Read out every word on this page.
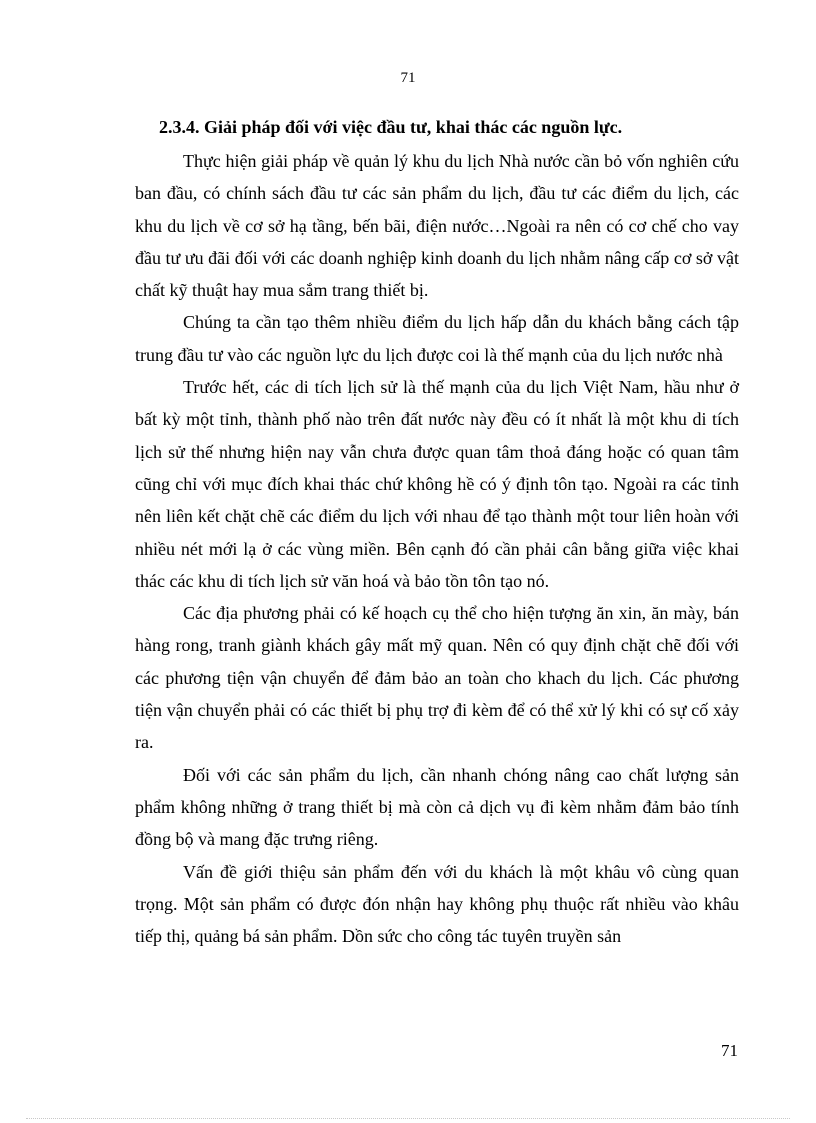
71
2.3.4. Giải pháp đối với việc đầu tư, khai thác các nguồn lực.

Thực hiện giải pháp về quản lý khu du lịch Nhà nước cần bỏ vốn nghiên cứu ban đầu, có chính sách đầu tư các sản phẩm du lịch, đầu tư các điểm du lịch, các khu du lịch về cơ sở hạ tầng, bến bãi, điện nước…Ngoài ra nên có cơ chế cho vay đầu tư ưu đãi đối với các doanh nghiệp kinh doanh du lịch nhằm nâng cấp cơ sở vật chất kỹ thuật hay mua sắm trang thiết bị.

Chúng ta cần tạo thêm nhiều điểm du lịch hấp dẫn du khách bằng cách tập trung đầu tư vào các nguồn lực du lịch được coi là thế mạnh của du lịch nước nhà

Trước hết, các di tích lịch sử là thế mạnh của du lịch Việt Nam, hầu như ở bất kỳ một tỉnh, thành phố nào trên đất nước này đều có ít nhất là một khu di tích lịch sử thế nhưng hiện nay vẫn chưa được quan tâm thoả đáng hoặc có quan tâm cũng chỉ với mục đích khai thác chứ không hề có ý định tôn tạo. Ngoài ra các tỉnh nên liên kết chặt chẽ các điểm du lịch với nhau để tạo thành một tour liên hoàn với nhiều nét mới lạ ở các vùng miền. Bên cạnh đó cần phải cân bằng giữa việc khai thác các khu di tích lịch sử văn hoá và bảo tồn tôn tạo nó.

Các địa phương phải có kế hoạch cụ thể cho hiện tượng ăn xin, ăn mày, bán hàng rong, tranh giành khách gây mất mỹ quan. Nên có quy định chặt chẽ đối với các phương tiện vận chuyển để đảm bảo an toàn cho khach du lịch. Các phương tiện vận chuyển phải có các thiết bị phụ trợ đi kèm để có thể xử lý khi có sự cố xảy ra.

Đối với các sản phẩm du lịch, cần nhanh chóng nâng cao chất lượng sản phẩm không những ở trang thiết bị mà còn cả dịch vụ đi kèm nhằm đảm bảo tính đồng bộ và mang đặc trưng riêng.

Vấn đề giới thiệu sản phẩm đến với du khách là một khâu vô cùng quan trọng. Một sản phẩm có được đón nhận hay không phụ thuộc rất nhiều vào khâu tiếp thị, quảng bá sản phẩm. Dồn sức cho công tác tuyên truyền sản

71
